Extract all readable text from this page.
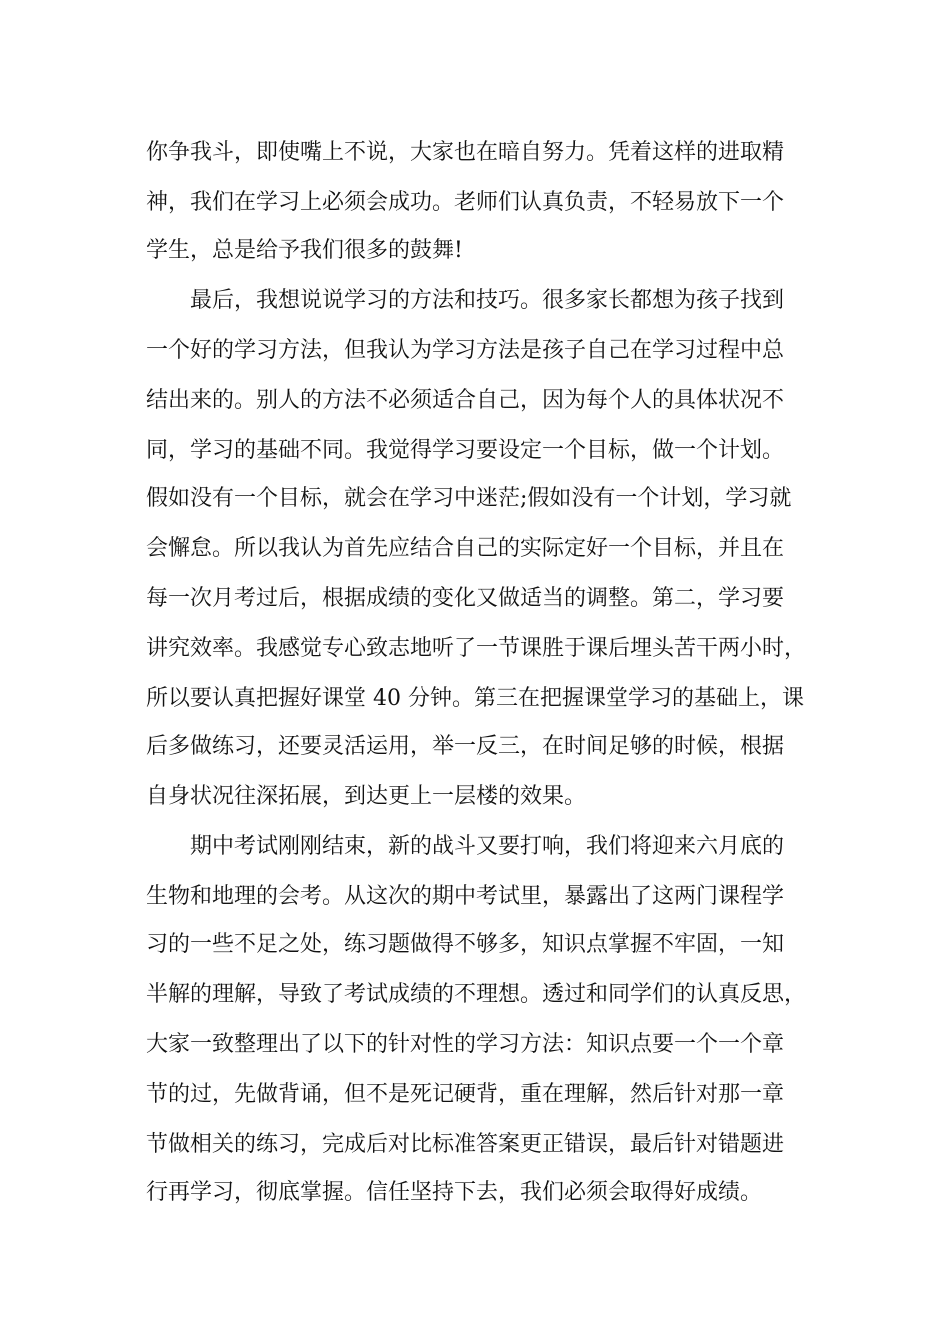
你争我斗，即使嘴上不说，大家也在暗自努力。凭着这样的进取精

神，我们在学习上必须会成功。老师们认真负责，不轻易放下一个

学生，总是给予我们很多的鼓舞!

最后，我想说说学习的方法和技巧。很多家长都想为孩子找到

一个好的学习方法，但我认为学习方法是孩子自己在学习过程中总

结出来的。别人的方法不必须适合自己，因为每个人的具体状况不

同，学习的基础不同。我觉得学习要设定一个目标，做一个计划。

假如没有一个目标，就会在学习中迷茫;假如没有一个计划，学习就

会懈怠。所以我认为首先应结合自己的实际定好一个目标，并且在

每一次月考过后，根据成绩的变化又做适当的调整。第二，学习要

讲究效率。我感觉专心致志地听了一节课胜于课后埋头苦干两小时，

所以要认真把握好课堂 40 分钟。第三在把握课堂学习的基础上，课

后多做练习，还要灵活运用，举一反三，在时间足够的时候，根据

自身状况往深拓展，到达更上一层楼的效果。

期中考试刚刚结束，新的战斗又要打响，我们将迎来六月底的

生物和地理的会考。从这次的期中考试里，暴露出了这两门课程学

习的一些不足之处，练习题做得不够多，知识点掌握不牢固，一知

半解的理解，导致了考试成绩的不理想。透过和同学们的认真反思，

大家一致整理出了以下的针对性的学习方法：知识点要一个一个章

节的过，先做背诵，但不是死记硬背，重在理解，然后针对那一章

节做相关的练习，完成后对比标准答案更正错误，最后针对错题进

行再学习，彻底掌握。信任坚持下去，我们必须会取得好成绩。
